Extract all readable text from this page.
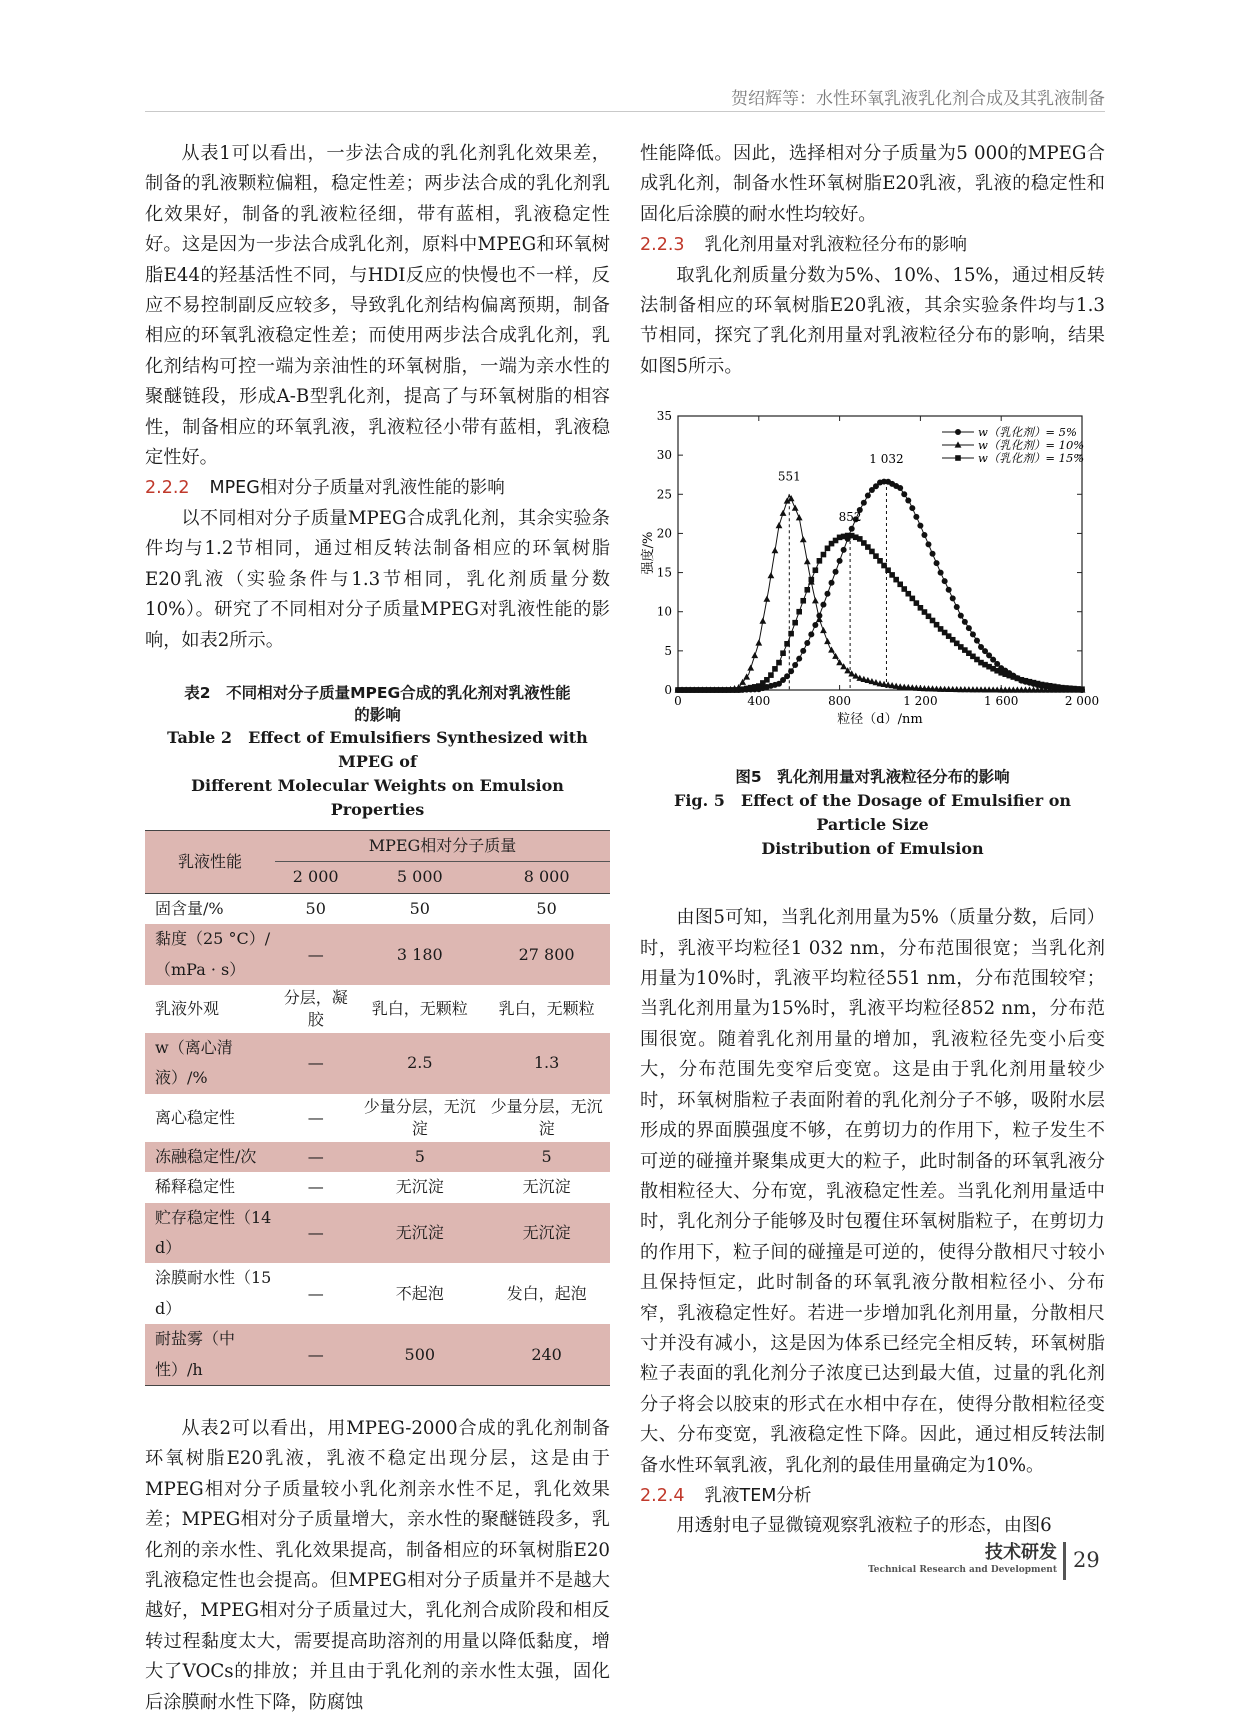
贺绍辉等：水性环氧乳液乳化剂合成及其乳液制备

从表1可以看出，一步法合成的乳化剂乳化效果差，制备的乳液颗粒偏粗，稳定性差；两步法合成的乳化剂乳化效果好，制备的乳液粒径细，带有蓝相，乳液稳定性好。这是因为一步法合成乳化剂，原料中MPEG和环氧树脂E44的羟基活性不同，与HDI反应的快慢也不一样，反应不易控制副反应较多，导致乳化剂结构偏离预期，制备相应的环氧乳液稳定性差；而使用两步法合成乳化剂，乳化剂结构可控一端为亲油性的环氧树脂，一端为亲水性的聚醚链段，形成A-B型乳化剂，提高了与环氧树脂的相容性，制备相应的环氧乳液，乳液粒径小带有蓝相，乳液稳定性好。

2.2.2 MPEG相对分子质量对乳液性能的影响

以不同相对分子质量MPEG合成乳化剂，其余实验条件均与1.2节相同，通过相反转法制备相应的环氧树脂E20乳液（实验条件与1.3节相同，乳化剂质量分数10%）。研究了不同相对分子质量MPEG对乳液性能的影响，如表2所示。

表2　不同相对分子质量MPEG合成的乳化剂对乳液性能
的影响
Table 2　Effect of Emulsifiers Synthesized with MPEG of
Different Molecular Weights on Emulsion Properties
乳液性能	MPEG相对分子质量		
	2 000	5 000	8 000
固含量/%	50	50	50
黏度（25 °C）/（mPa · s）	—	3 180	27 800
乳液外观	分层，凝胶	乳白，无颗粒	乳白，无颗粒
w（离心清液）/%	—	2.5	1.3
离心稳定性	—	少量分层，无沉淀	少量分层，无沉淀
冻融稳定性/次	—	5	5
稀释稳定性	—	无沉淀	无沉淀
贮存稳定性（14 d）	—	无沉淀	无沉淀
涂膜耐水性（15 d）	—	不起泡	发白，起泡
耐盐雾（中性）/h	—	500	240

从表2可以看出，用MPEG-2000合成的乳化剂制备环氧树脂E20乳液，乳液不稳定出现分层，这是由于MPEG相对分子质量较小乳化剂亲水性不足，乳化效果差；MPEG相对分子质量增大，亲水性的聚醚链段多，乳化剂的亲水性、乳化效果提高，制备相应的环氧树脂E20乳液稳定性也会提高。但MPEG相对分子质量并不是越大越好，MPEG相对分子质量过大，乳化剂合成阶段和相反转过程黏度太大，需要提高助溶剂的用量以降低黏度，增大了VOCs的排放；并且由于乳化剂的亲水性太强，固化后涂膜耐水性下降，防腐蚀

性能降低。因此，选择相对分子质量为5 000的MPEG合成乳化剂，制备水性环氧树脂E20乳液，乳液的稳定性和固化后涂膜的耐水性均较好。

2.2.3 乳化剂用量对乳液粒径分布的影响

取乳化剂质量分数为5%、10%、15%，通过相反转法制备相应的环氧树脂E20乳液，其余实验条件均与1.3节相同，探究了乳化剂用量对乳液粒径分布的影响，结果如图5所示。

0	400	800	1 200	1 600	2 000
0
5
10
15
20
25
30
35
粒径（d）/nm
强度/%
551
852
1 032
w（乳化剂）= 5%
w（乳化剂）= 10%
w（乳化剂）= 15%
图5　乳化剂用量对乳液粒径分布的影响
Fig. 5　Effect of the Dosage of Emulsifier on Particle Size
Distribution of Emulsion

由图5可知，当乳化剂用量为5%（质量分数，后同）时，乳液平均粒径1 032 nm，分布范围很宽；当乳化剂用量为10%时，乳液平均粒径551 nm，分布范围较窄；当乳化剂用量为15%时，乳液平均粒径852 nm，分布范围很宽。随着乳化剂用量的增加，乳液粒径先变小后变大，分布范围先变窄后变宽。这是由于乳化剂用量较少时，环氧树脂粒子表面附着的乳化剂分子不够，吸附水层形成的界面膜强度不够，在剪切力的作用下，粒子发生不可逆的碰撞并聚集成更大的粒子，此时制备的环氧乳液分散相粒径大、分布宽，乳液稳定性差。当乳化剂用量适中时，乳化剂分子能够及时包覆住环氧树脂粒子，在剪切力的作用下，粒子间的碰撞是可逆的，使得分散相尺寸较小且保持恒定，此时制备的环氧乳液分散相粒径小、分布窄，乳液稳定性好。若进一步增加乳化剂用量，分散相尺寸并没有减小，这是因为体系已经完全相反转，环氧树脂粒子表面的乳化剂分子浓度已达到最大值，过量的乳化剂分子将会以胶束的形式在水相中存在，使得分散相粒径变大、分布变宽，乳液稳定性下降。因此，通过相反转法制备水性环氧乳液，乳化剂的最佳用量确定为10%。

2.2.4 乳液TEM分析

用透射电子显微镜观察乳液粒子的形态，由图6

技术研发
Technical Research and Development 29
